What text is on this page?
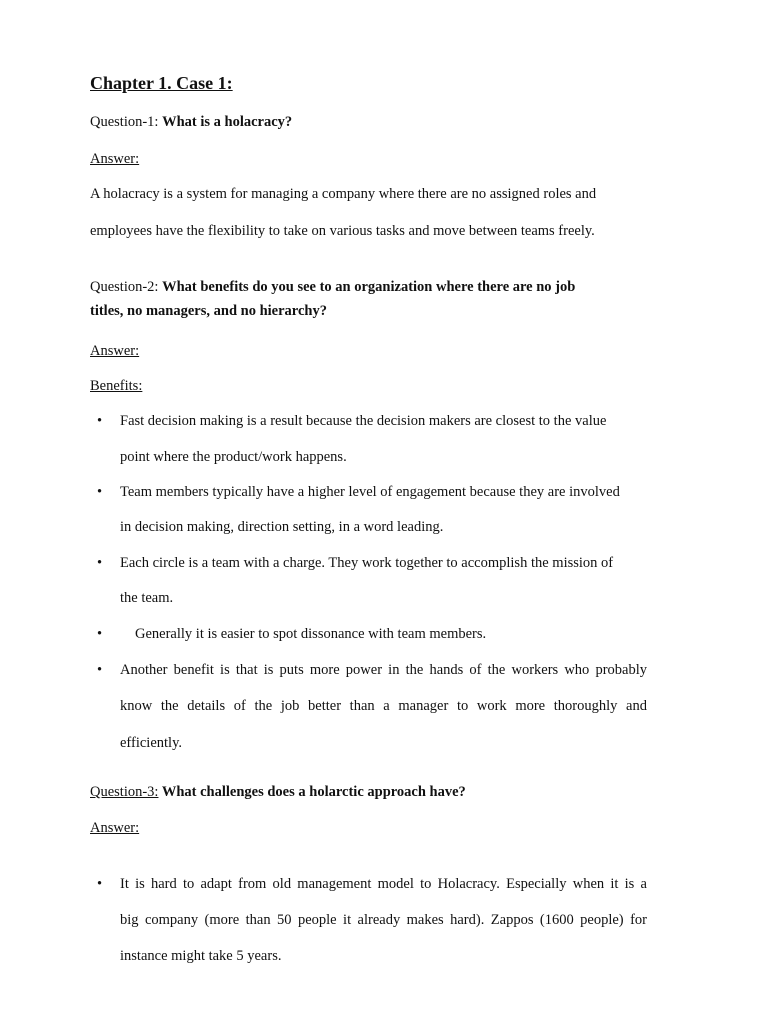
Chapter 1. Case 1:
Question-1: What is a holacracy?
Answer:
A holacracy is a system for managing a company where there are no assigned roles and
employees have the flexibility to take on various tasks and move between teams freely.
Question-2: What benefits do you see to an organization where there are no job
titles, no managers, and no hierarchy?
Answer:
Benefits:
• Fast decision making is a result because the decision makers are closest to the value
point where the product/work happens.
• Team members typically have a higher level of engagement because they are involved
in decision making, direction setting, in a word leading.
• Each circle is a team with a charge. They work together to accomplish the mission of
the team.
• Generally it is easier to spot dissonance with team members.
• Another benefit is that is puts more power in the hands of the workers who probably
know the details of the job better than a manager to work more thoroughly and
efficiently.
Question-3: What challenges does a holarctic approach have?
Answer:
• It is hard to adapt from old management model to Holacracy. Especially when it is a
big company (more than 50 people it already makes hard). Zappos (1600 people) for
instance might take 5 years.
